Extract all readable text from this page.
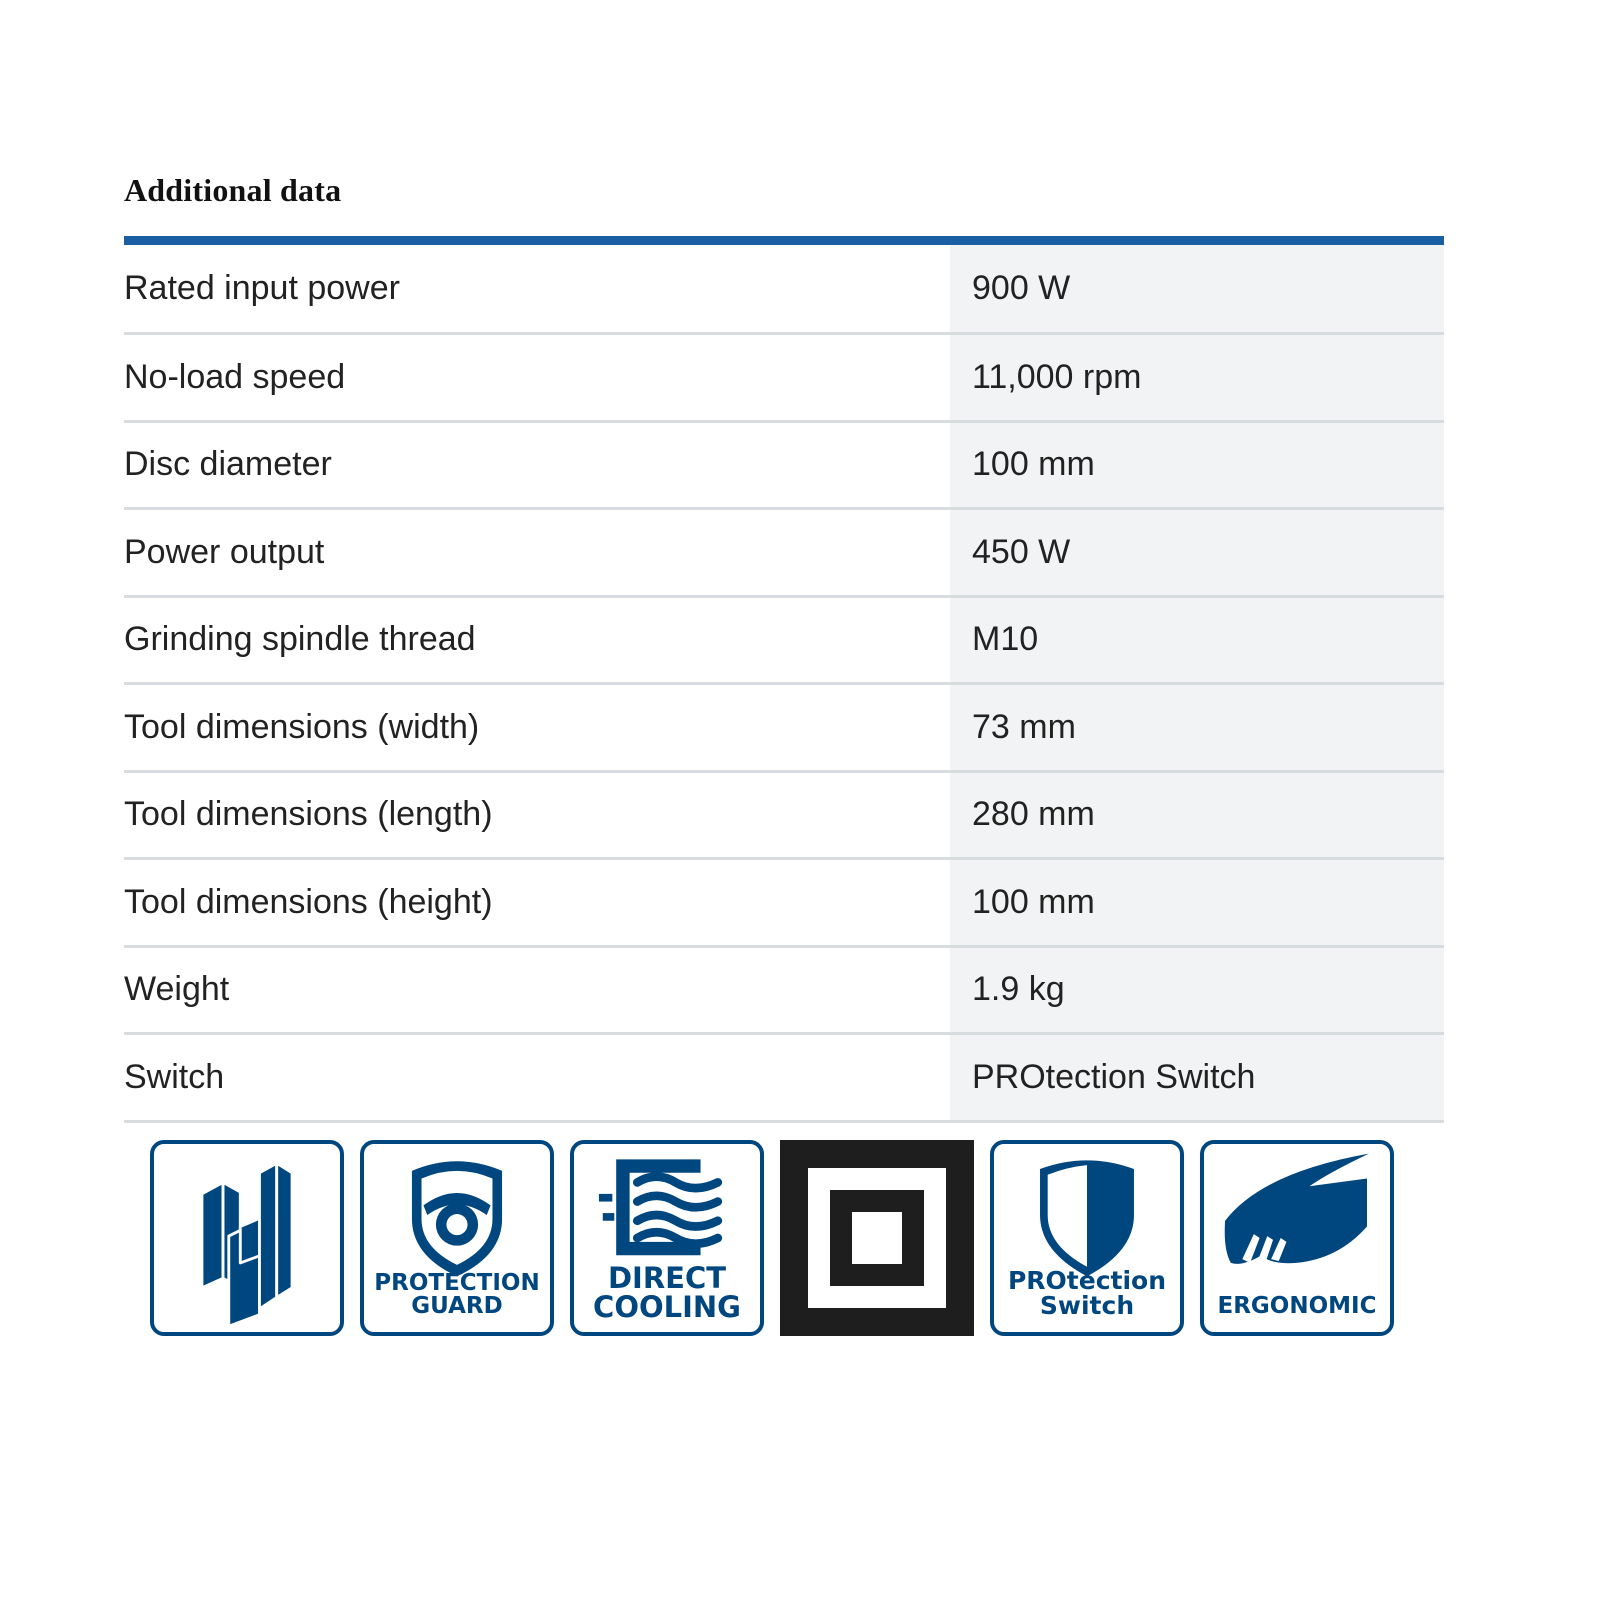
Additional data
Rated input power	900 W
No-load speed	11,000 rpm
Disc diameter	100 mm
Power output	450 W
Grinding spindle thread	M10
Tool dimensions (width)	73 mm
Tool dimensions (length)	280 mm
Tool dimensions (height)	100 mm
Weight	1.9 kg
Switch	PROtection Switch
PROTECTION
GUARD
DIRECT
COOLING
PROtection
Switch	ERGONOMIC
